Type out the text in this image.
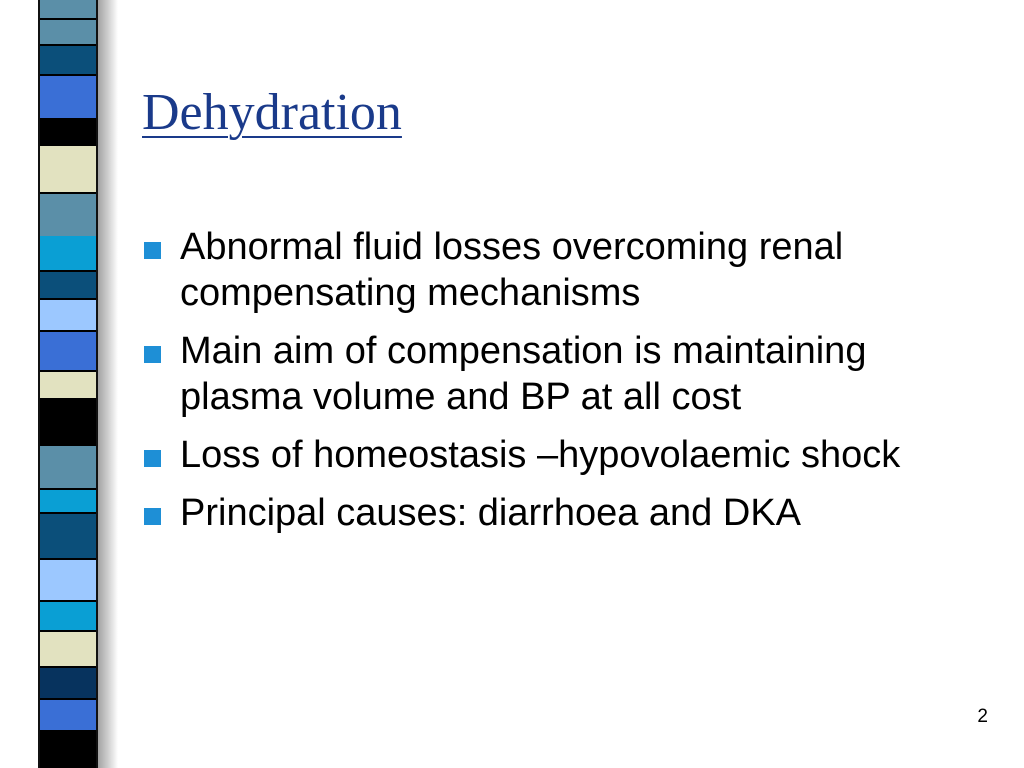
Dehydration
Abnormal fluid losses overcoming renal compensating mechanisms
Main aim of compensation is maintaining plasma volume and BP at all cost
Loss of homeostasis –hypovolaemic shock
Principal causes: diarrhoea and DKA
2
